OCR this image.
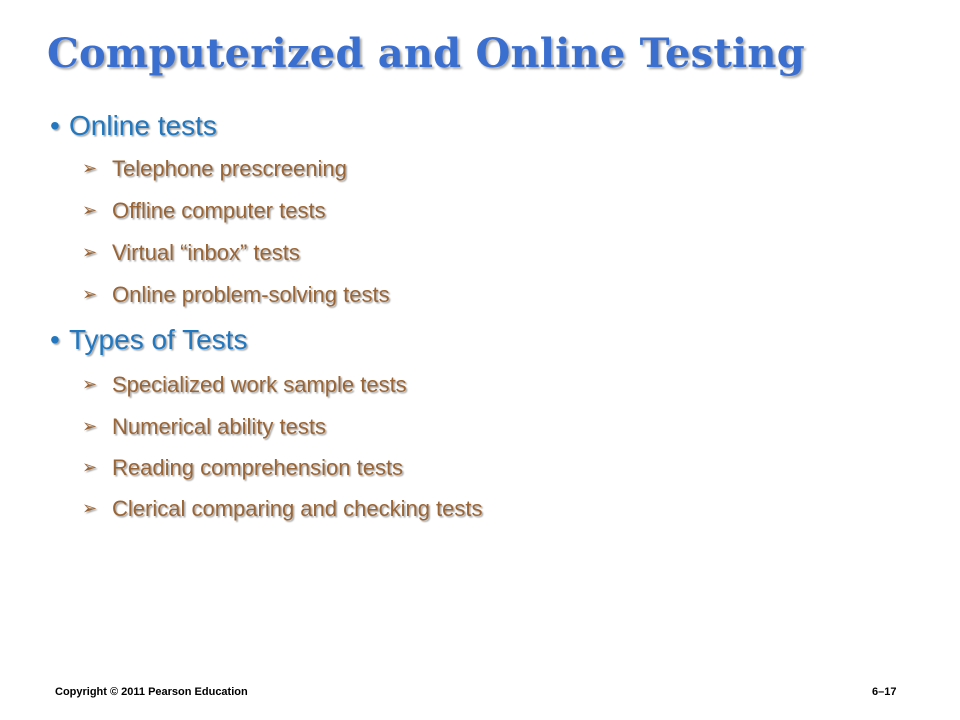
Computerized and Online Testing
• Online tests
➢ Telephone prescreening
➢ Offline computer tests
➢ Virtual “inbox” tests
➢ Online problem-solving tests
• Types of Tests
➢ Specialized work sample tests
➢ Numerical ability tests
➢ Reading comprehension tests
➢ Clerical comparing and checking tests
Copyright © 2011 Pearson Education	6–17
